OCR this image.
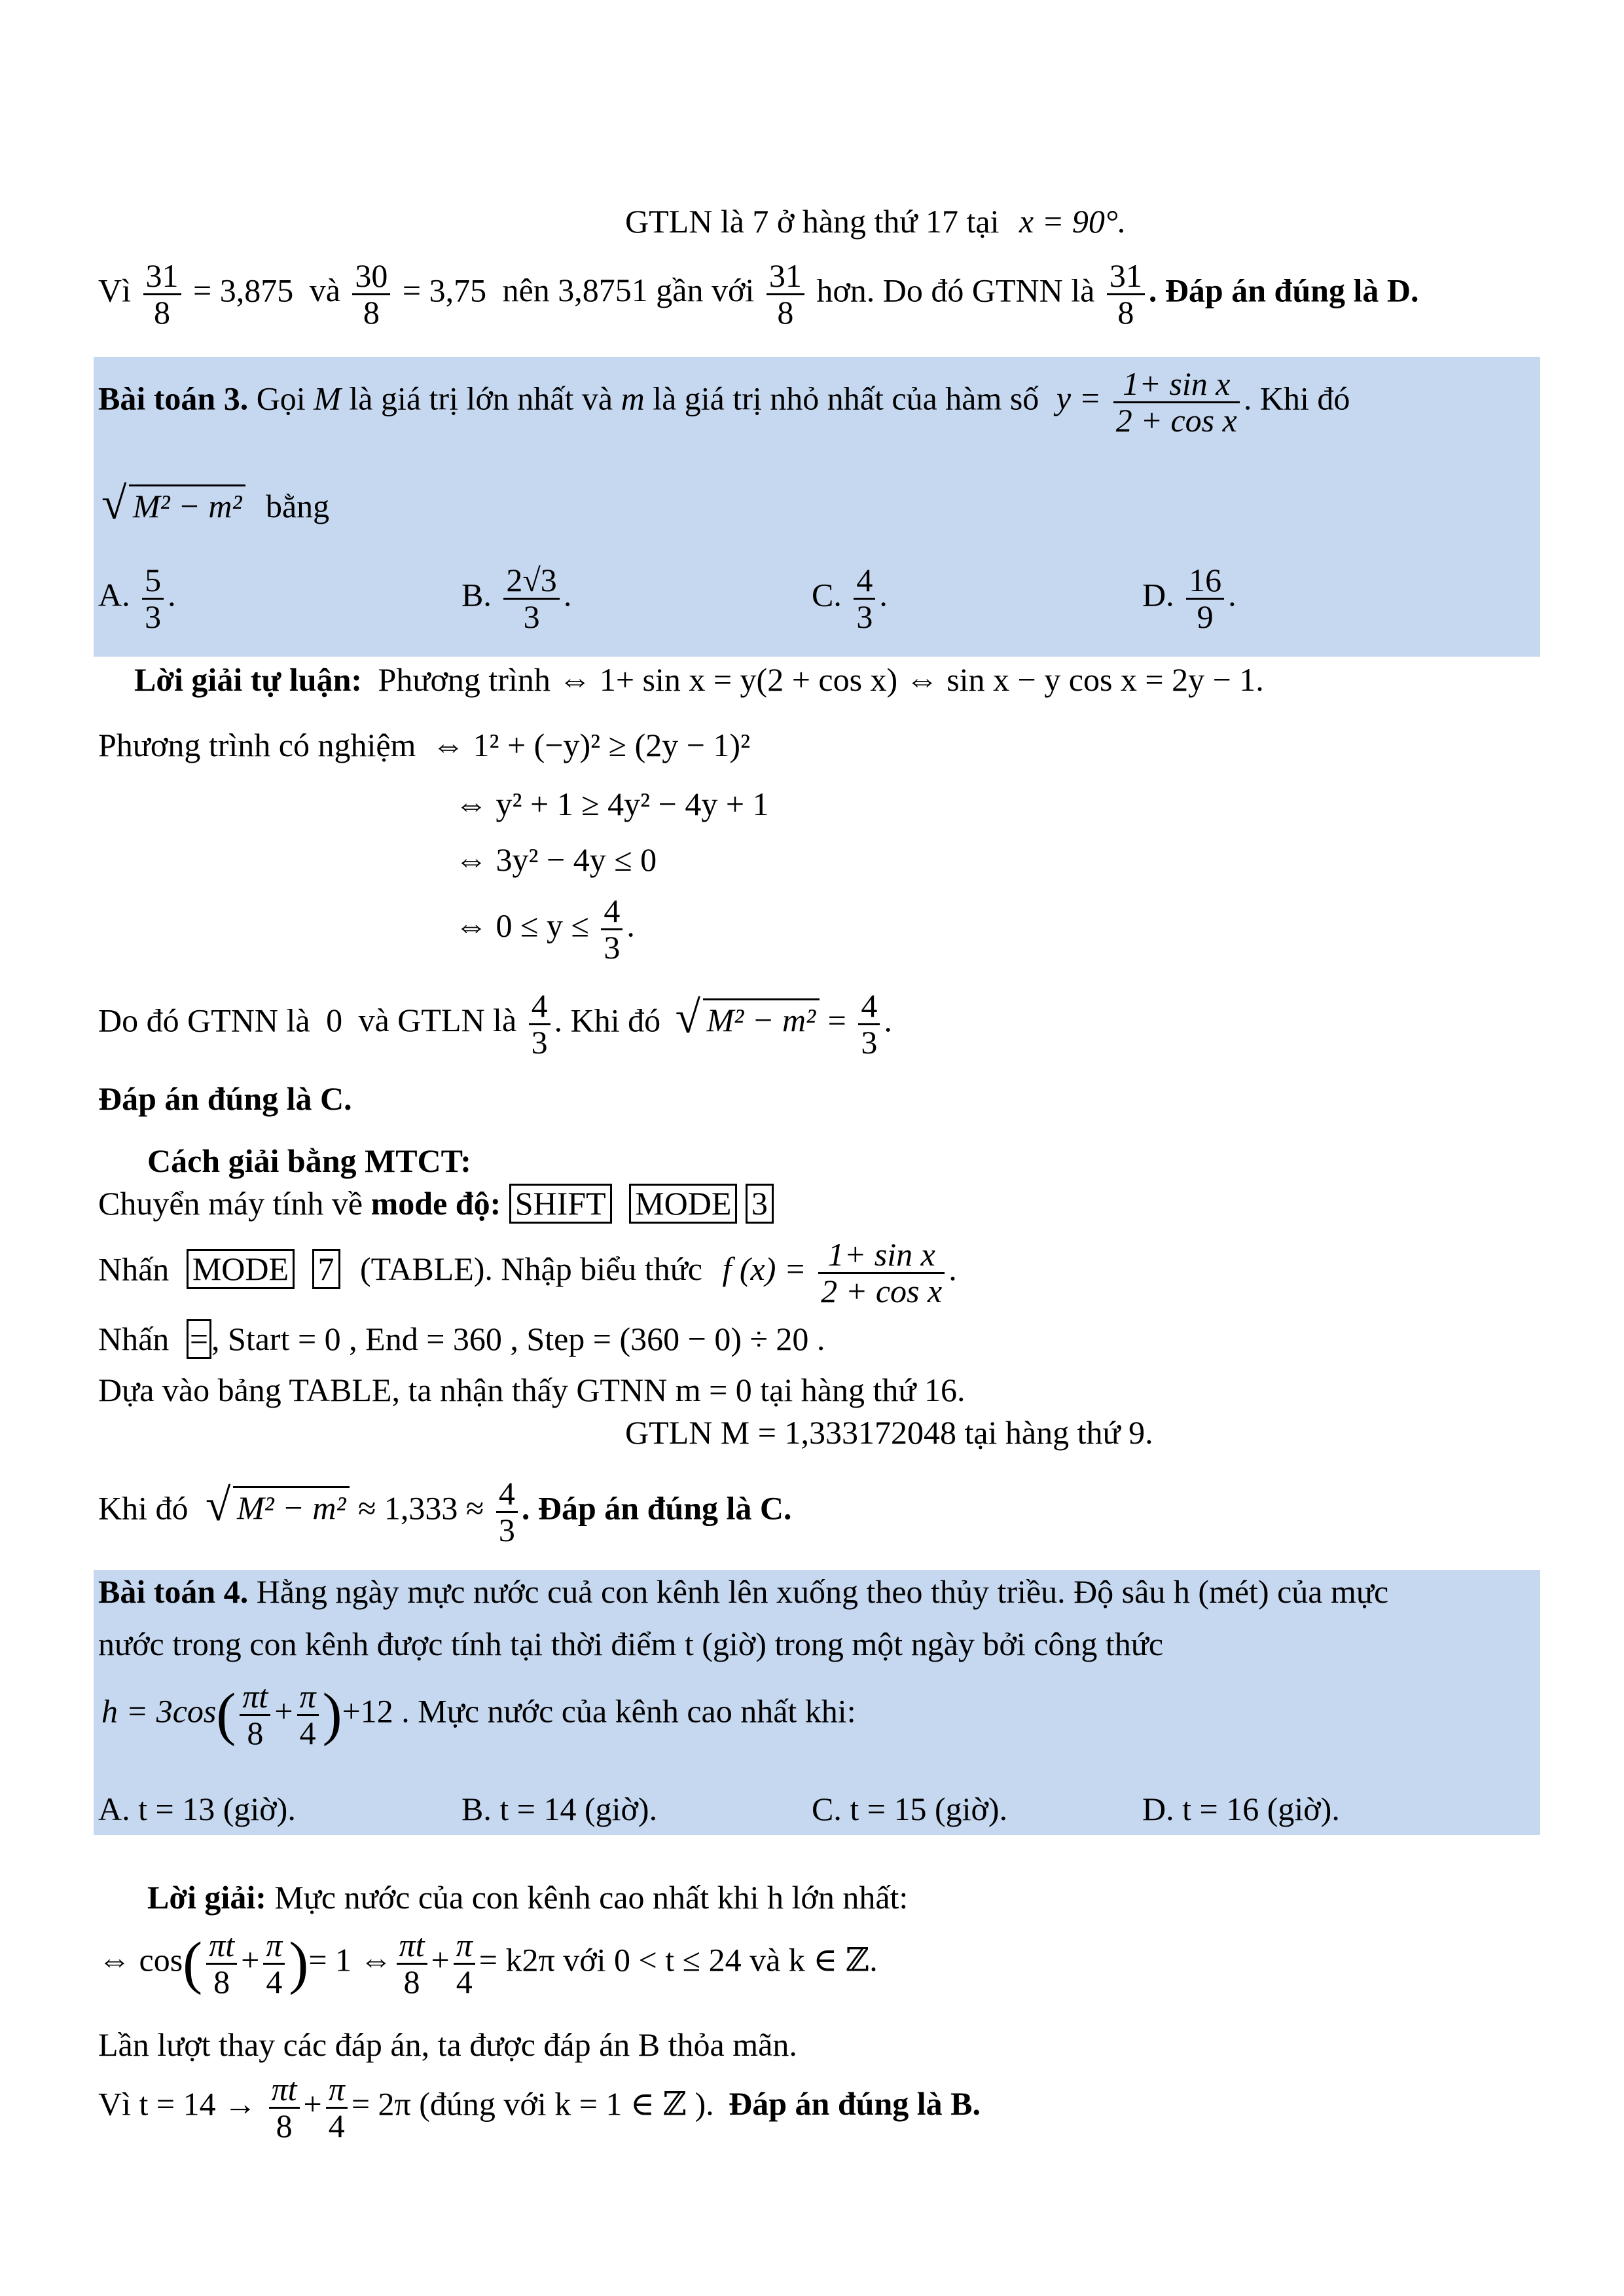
GTLN là 7 ở hàng thứ 17 tại x = 90°.
Vì $\frac{31}{8} = 3,875$ và $\frac{30}{8} = 3,75$ nên 3,8751 gần với $\frac{31}{8}$ hơn. Do đó GTNN là $\frac{31}{8}$ . Đáp án đúng là D.
Bài toán 3. Gọi M là giá trị lớn nhất và m là giá trị nhỏ nhất của hàm số $y = \frac{\text{1+ sin x}}{\text{2 + cos x}}$ . Khi đó
√ M² − m² bằng
A. $\frac{5}{3}$ .	B. $\frac{2√3}{3}$ .	C. $\frac{4}{3}$ .	D. $\frac{16}{9}$ .
Lời giải tự luận: Phương trình ⇔ 1+ sin x = y(2 + cos x) ⇔ sin x − y cos x = 2y − 1.
Phương trình có nghiệm ⇔ 1² + (−y)² ≥ (2y − 1)²
⇔ y² + 1 ≥ 4y² − 4y + 1
⇔ 3y² − 4y ≤ 0
⇔ $0 \le y \le \frac{4}{3}$ .
Do đó GTNN là 0 và GTLN là $\frac{4}{3}$ . Khi đó √ $M^2 - m^2 = \frac{4}{3}$ .
Đáp án đúng là C.
Cách giải bằng MTCT:
Chuyển máy tính về mode độ: SHIFT MODE 3
Nhấn MODE 7 (TABLE). Nhập biểu thức f $(x) = \frac{\text{1+ sin x}}{\text{2 + cos x}}$ .
Nhấn = , Start = 0 , End = 360 , Step = (360 − 0) ÷ 20 .
Dựa vào bảng TABLE, ta nhận thấy GTNN m = 0 tại hàng thứ 16.
GTLN M = 1,333172048 tại hàng thứ 9.
Khi đó √ $M^2 - m^2 \approx 1,333 \approx \frac{4}{3}$ . Đáp án đúng là C.
Bài toán 4. Hằng ngày mực nước cuả con kênh lên xuống theo thủy triều. Độ sâu h (mét) của mực
nước trong con kênh được tính tại thời điểm t (giờ) trong một ngày bởi công thức
$h = 3\cos( \frac{\pi t}{8} + \frac{\pi}{4} )+12$ . Mực nước của kênh cao nhất khi:
A. t = 13 (giờ).	B. t = 14 (giờ).	C. t = 15 (giờ).	D. t = 16 (giờ).
Lời giải: Mực nước của con kênh cao nhất khi h lớn nhất:
⇔ $\cos( \frac{\pi t}{8} + \frac{\pi}{4}$ )= 1 ⇔ $\frac{\pi t}{8} + \frac{\pi}{4} = k2\pi$ với 0 < t ≤ 24 và k ∈ ℤ.
Lần lượt thay các đáp án, ta được đáp án B thỏa mãn.
Vì $t = 14 \to \frac{\pi t}{8} + \frac{\pi}{4} = 2\pi$ (đúng với k = 1 ∈ ℤ ). Đáp án đúng là B.
